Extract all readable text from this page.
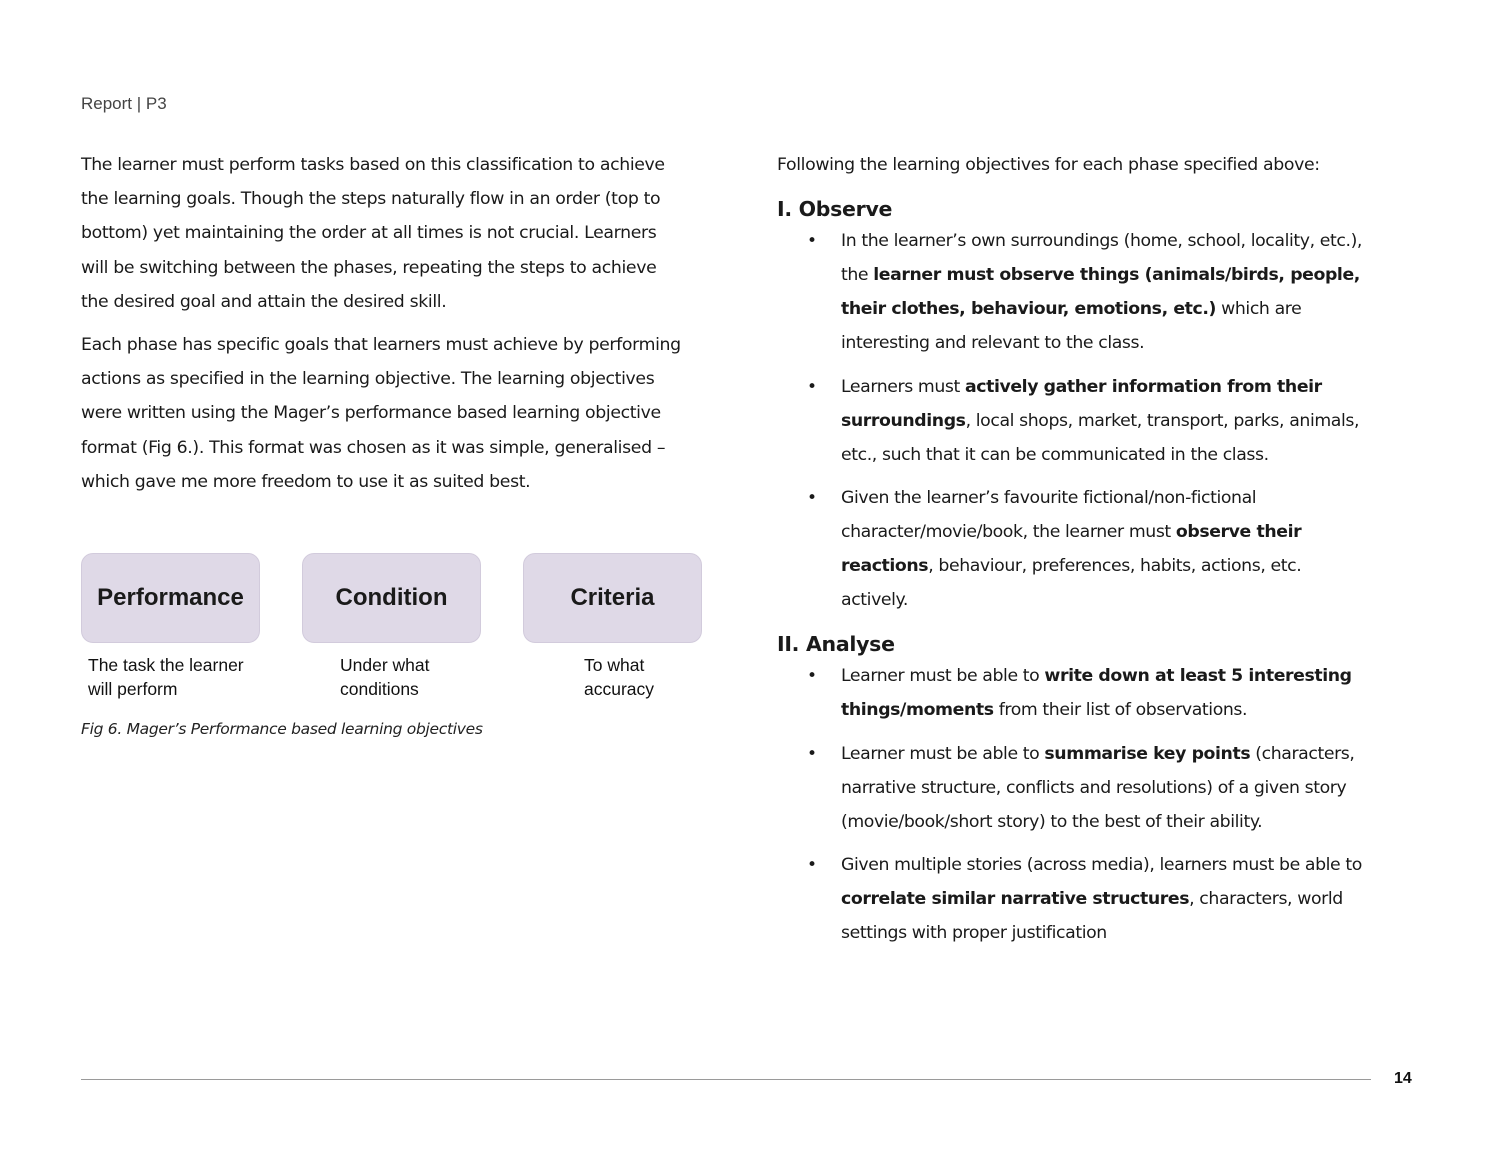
Report | P3

The learner must perform tasks based on this classification to achieve the learning goals. Though the steps naturally flow in an order (top to bottom) yet maintaining the order at all times is not crucial. Learners will be switching between the phases, repeating the steps to achieve the desired goal and attain the desired skill.

Each phase has specific goals that learners must achieve by performing actions as specified in the learning objective. The learning objectives were written using the Mager’s performance based learning objective format (Fig 6.). This format was chosen as it was simple, generalised – which gave me more freedom to use it as suited best.

Performance	Condition	Criteria
The task the learner
will perform
Under what
conditions
To what
accuracy
Fig 6. Mager’s Performance based learning objectives

Following the learning objectives for each phase specified above:

I. Observe
• In the learner’s own surroundings (home, school, locality, etc.), the learner must observe things (animals/birds, people, their clothes, behaviour, emotions, etc.) which are interesting and relevant to the class.
• Learners must actively gather information from their surroundings, local shops, market, transport, parks, animals, etc., such that it can be communicated in the class.
• Given the learner’s favourite fictional/non-fictional character/movie/book, the learner must observe their reactions, behaviour, preferences, habits, actions, etc. actively.
II. Analyse
• Learner must be able to write down at least 5 interesting things/moments from their list of observations.
• Learner must be able to summarise key points (characters, narrative structure, conflicts and resolutions) of a given story (movie/book/short story) to the best of their ability.
• Given multiple stories (across media), learners must be able to correlate similar narrative structures, characters, world settings with proper justification
14
